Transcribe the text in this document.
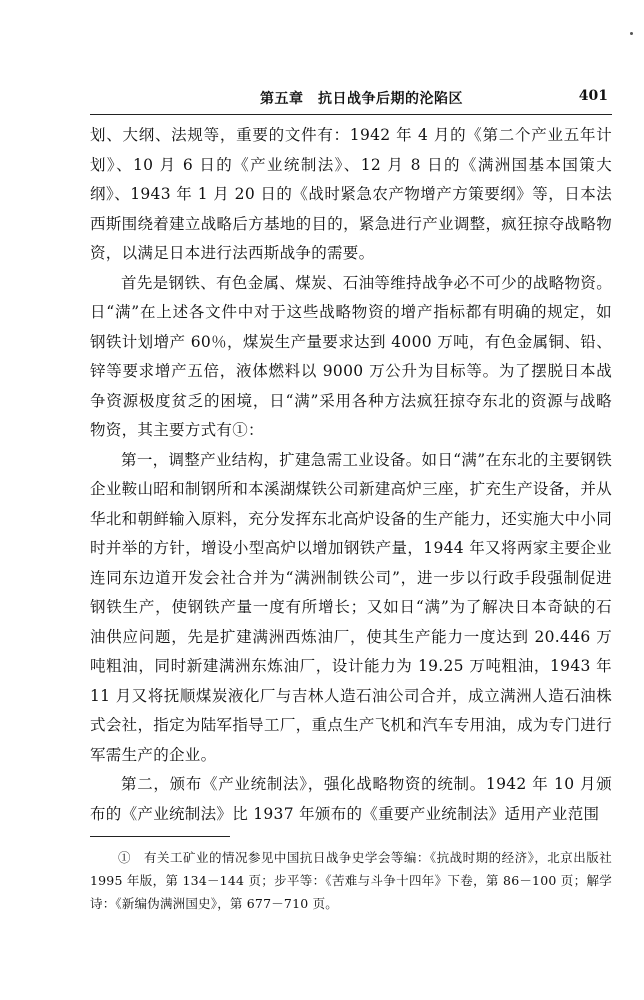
第五章　抗日战争后期的沦陷区	401

划、大纲、法规等，重要的文件有：1942 年 4 月的《第二个产业五年计划》、10 月 6 日的《产业统制法》、12 月 8 日的《满洲国基本国策大纲》、1943 年 1 月 20 日的《战时紧急农产物增产方策要纲》等，日本法西斯围绕着建立战略后方基地的目的，紧急进行产业调整，疯狂掠夺战略物资，以满足日本进行法西斯战争的需要。

首先是钢铁、有色金属、煤炭、石油等维持战争必不可少的战略物资。日“满”在上述各文件中对于这些战略物资的增产指标都有明确的规定，如钢铁计划增产 60％，煤炭生产量要求达到 4000 万吨，有色金属铜、铅、锌等要求增产五倍，液体燃料以 9000 万公升为目标等。为了摆脱日本战争资源极度贫乏的困境，日“满”采用各种方法疯狂掠夺东北的资源与战略物资，其主要方式有①：

第一，调整产业结构，扩建急需工业设备。如日“满”在东北的主要钢铁企业鞍山昭和制钢所和本溪湖煤铁公司新建高炉三座，扩充生产设备，并从华北和朝鲜输入原料，充分发挥东北高炉设备的生产能力，还实施大中小同时并举的方针，增设小型高炉以增加钢铁产量，1944 年又将两家主要企业连同东边道开发会社合并为“满洲制铁公司”，进一步以行政手段强制促进钢铁生产，使钢铁产量一度有所增长；又如日“满”为了解决日本奇缺的石油供应问题，先是扩建满洲西炼油厂，使其生产能力一度达到 20.446 万吨粗油，同时新建满洲东炼油厂，设计能力为 19.25 万吨粗油，1943 年 11 月又将抚顺煤炭液化厂与吉林人造石油公司合并，成立满洲人造石油株式会社，指定为陆军指导工厂，重点生产飞机和汽车专用油，成为专门进行军需生产的企业。

第二，颁布《产业统制法》，强化战略物资的统制。1942 年 10 月颁布的《产业统制法》比 1937 年颁布的《重要产业统制法》适用产业范围

①　有关工矿业的情况参见中国抗日战争史学会等编：《抗战时期的经济》，北京出版社 1995 年版，第 134－144 页；步平等：《苦难与斗争十四年》下卷，第 86－100 页；解学诗：《新编伪满洲国史》，第 677－710 页。
